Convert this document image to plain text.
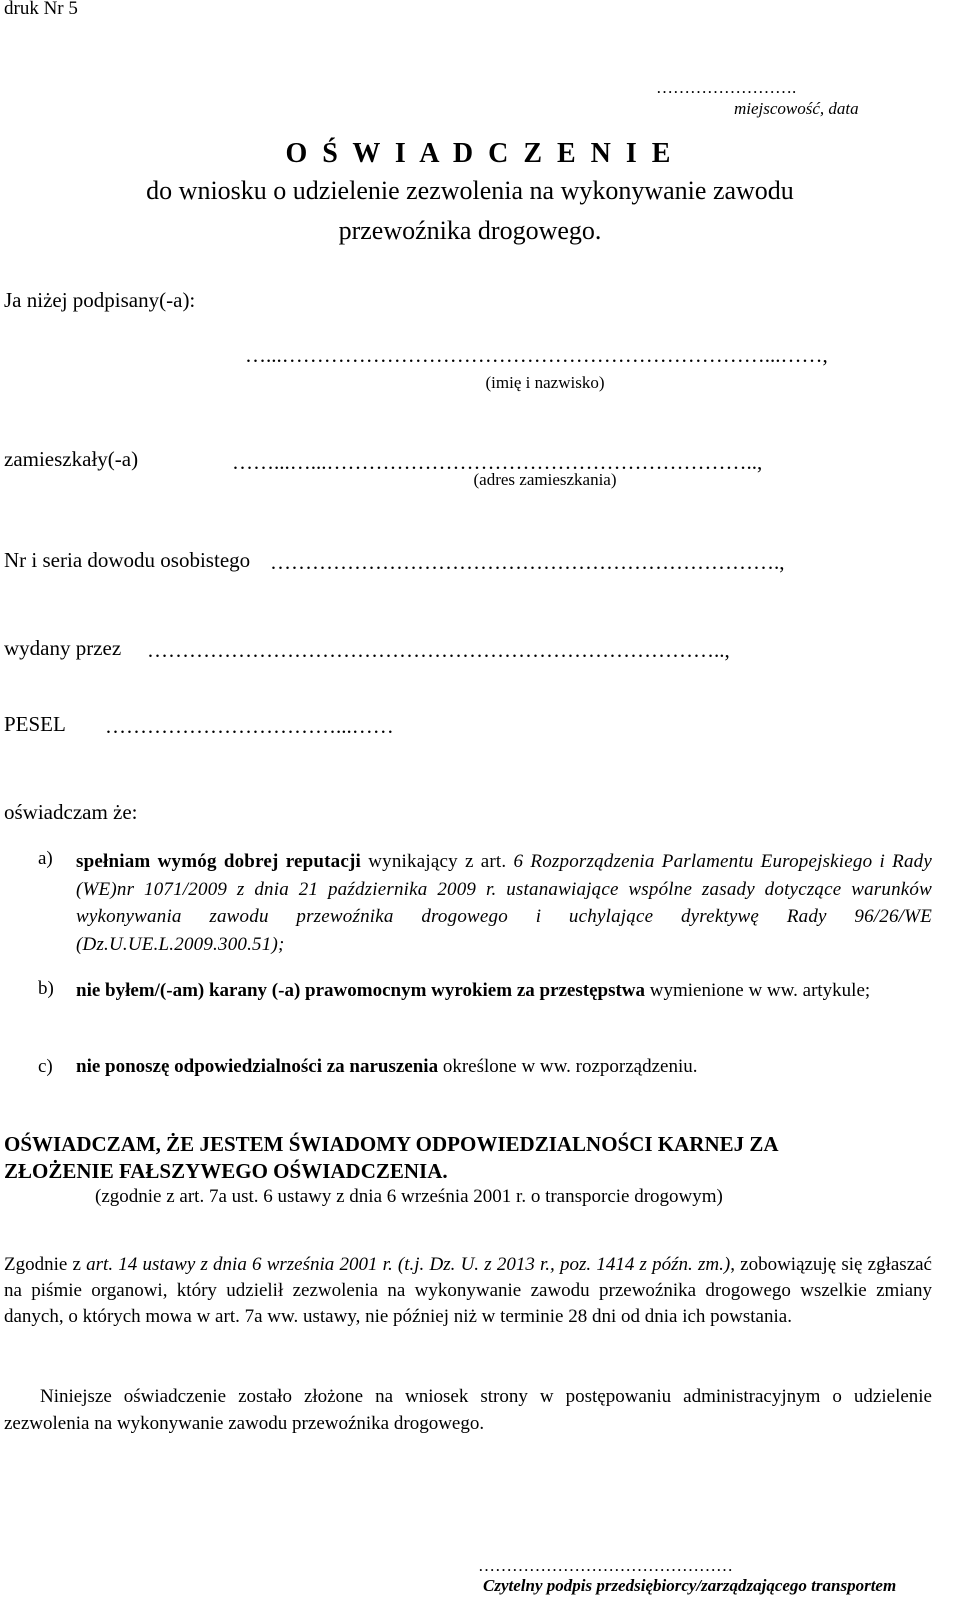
druk Nr 5
…………………….
miejscowość, data
O Ś W I A D C Z E N I E
do wniosku o udzielenie zezwolenia na wykonywanie zawodu
przewoźnika drogowego.
Ja niżej podpisany(-a):
…...……………………………………………………………...……,
(imię i nazwisko)
zamieszkały(-a)	……...…...……………………………………………………..,
(adres zamieszkania)
Nr i seria dowodu osobistego ……………………………………………………………….,
wydany przez ………………………………………………………………………..,
PESEL ……………………………...……
oświadczam że:
a) spełniam wymóg dobrej reputacji wynikający z art. 6 Rozporządzenia Parlamentu Europejskiego i Rady (WE)nr 1071/2009 z dnia 21 października 2009 r. ustanawiające wspólne zasady dotyczące warunków wykonywania zawodu przewoźnika drogowego i uchylające dyrektywę Rady 96/26/WE (Dz.U.UE.L.2009.300.51);
b) nie byłem/(-am) karany (-a) prawomocnym wyrokiem za przestępstwa wymienione w ww. artykule;
c) nie ponoszę odpowiedzialności za naruszenia określone w ww. rozporządzeniu.
OŚWIADCZAM, ŻE JESTEM ŚWIADOMY ODPOWIEDZIALNOŚCI KARNEJ ZA
ZŁOŻENIE FAŁSZYWEGO OŚWIADCZENIA.
(zgodnie z art. 7a ust. 6 ustawy z dnia 6 września 2001 r. o transporcie drogowym)
Zgodnie z art. 14 ustawy z dnia 6 września 2001 r. (t.j. Dz. U. z 2013 r., poz. 1414 z późn. zm.), zobowiązuję się zgłaszać na piśmie organowi, który udzielił zezwolenia na wykonywanie zawodu przewoźnika drogowego wszelkie zmiany danych, o których mowa w art. 7a ww. ustawy, nie później niż w terminie 28 dni od dnia ich powstania.
Niniejsze oświadczenie zostało złożone na wniosek strony w postępowaniu administracyjnym o udzielenie zezwolenia na wykonywanie zawodu przewoźnika drogowego.
………………………………………
Czytelny podpis przedsiębiorcy/zarządzającego transportem
